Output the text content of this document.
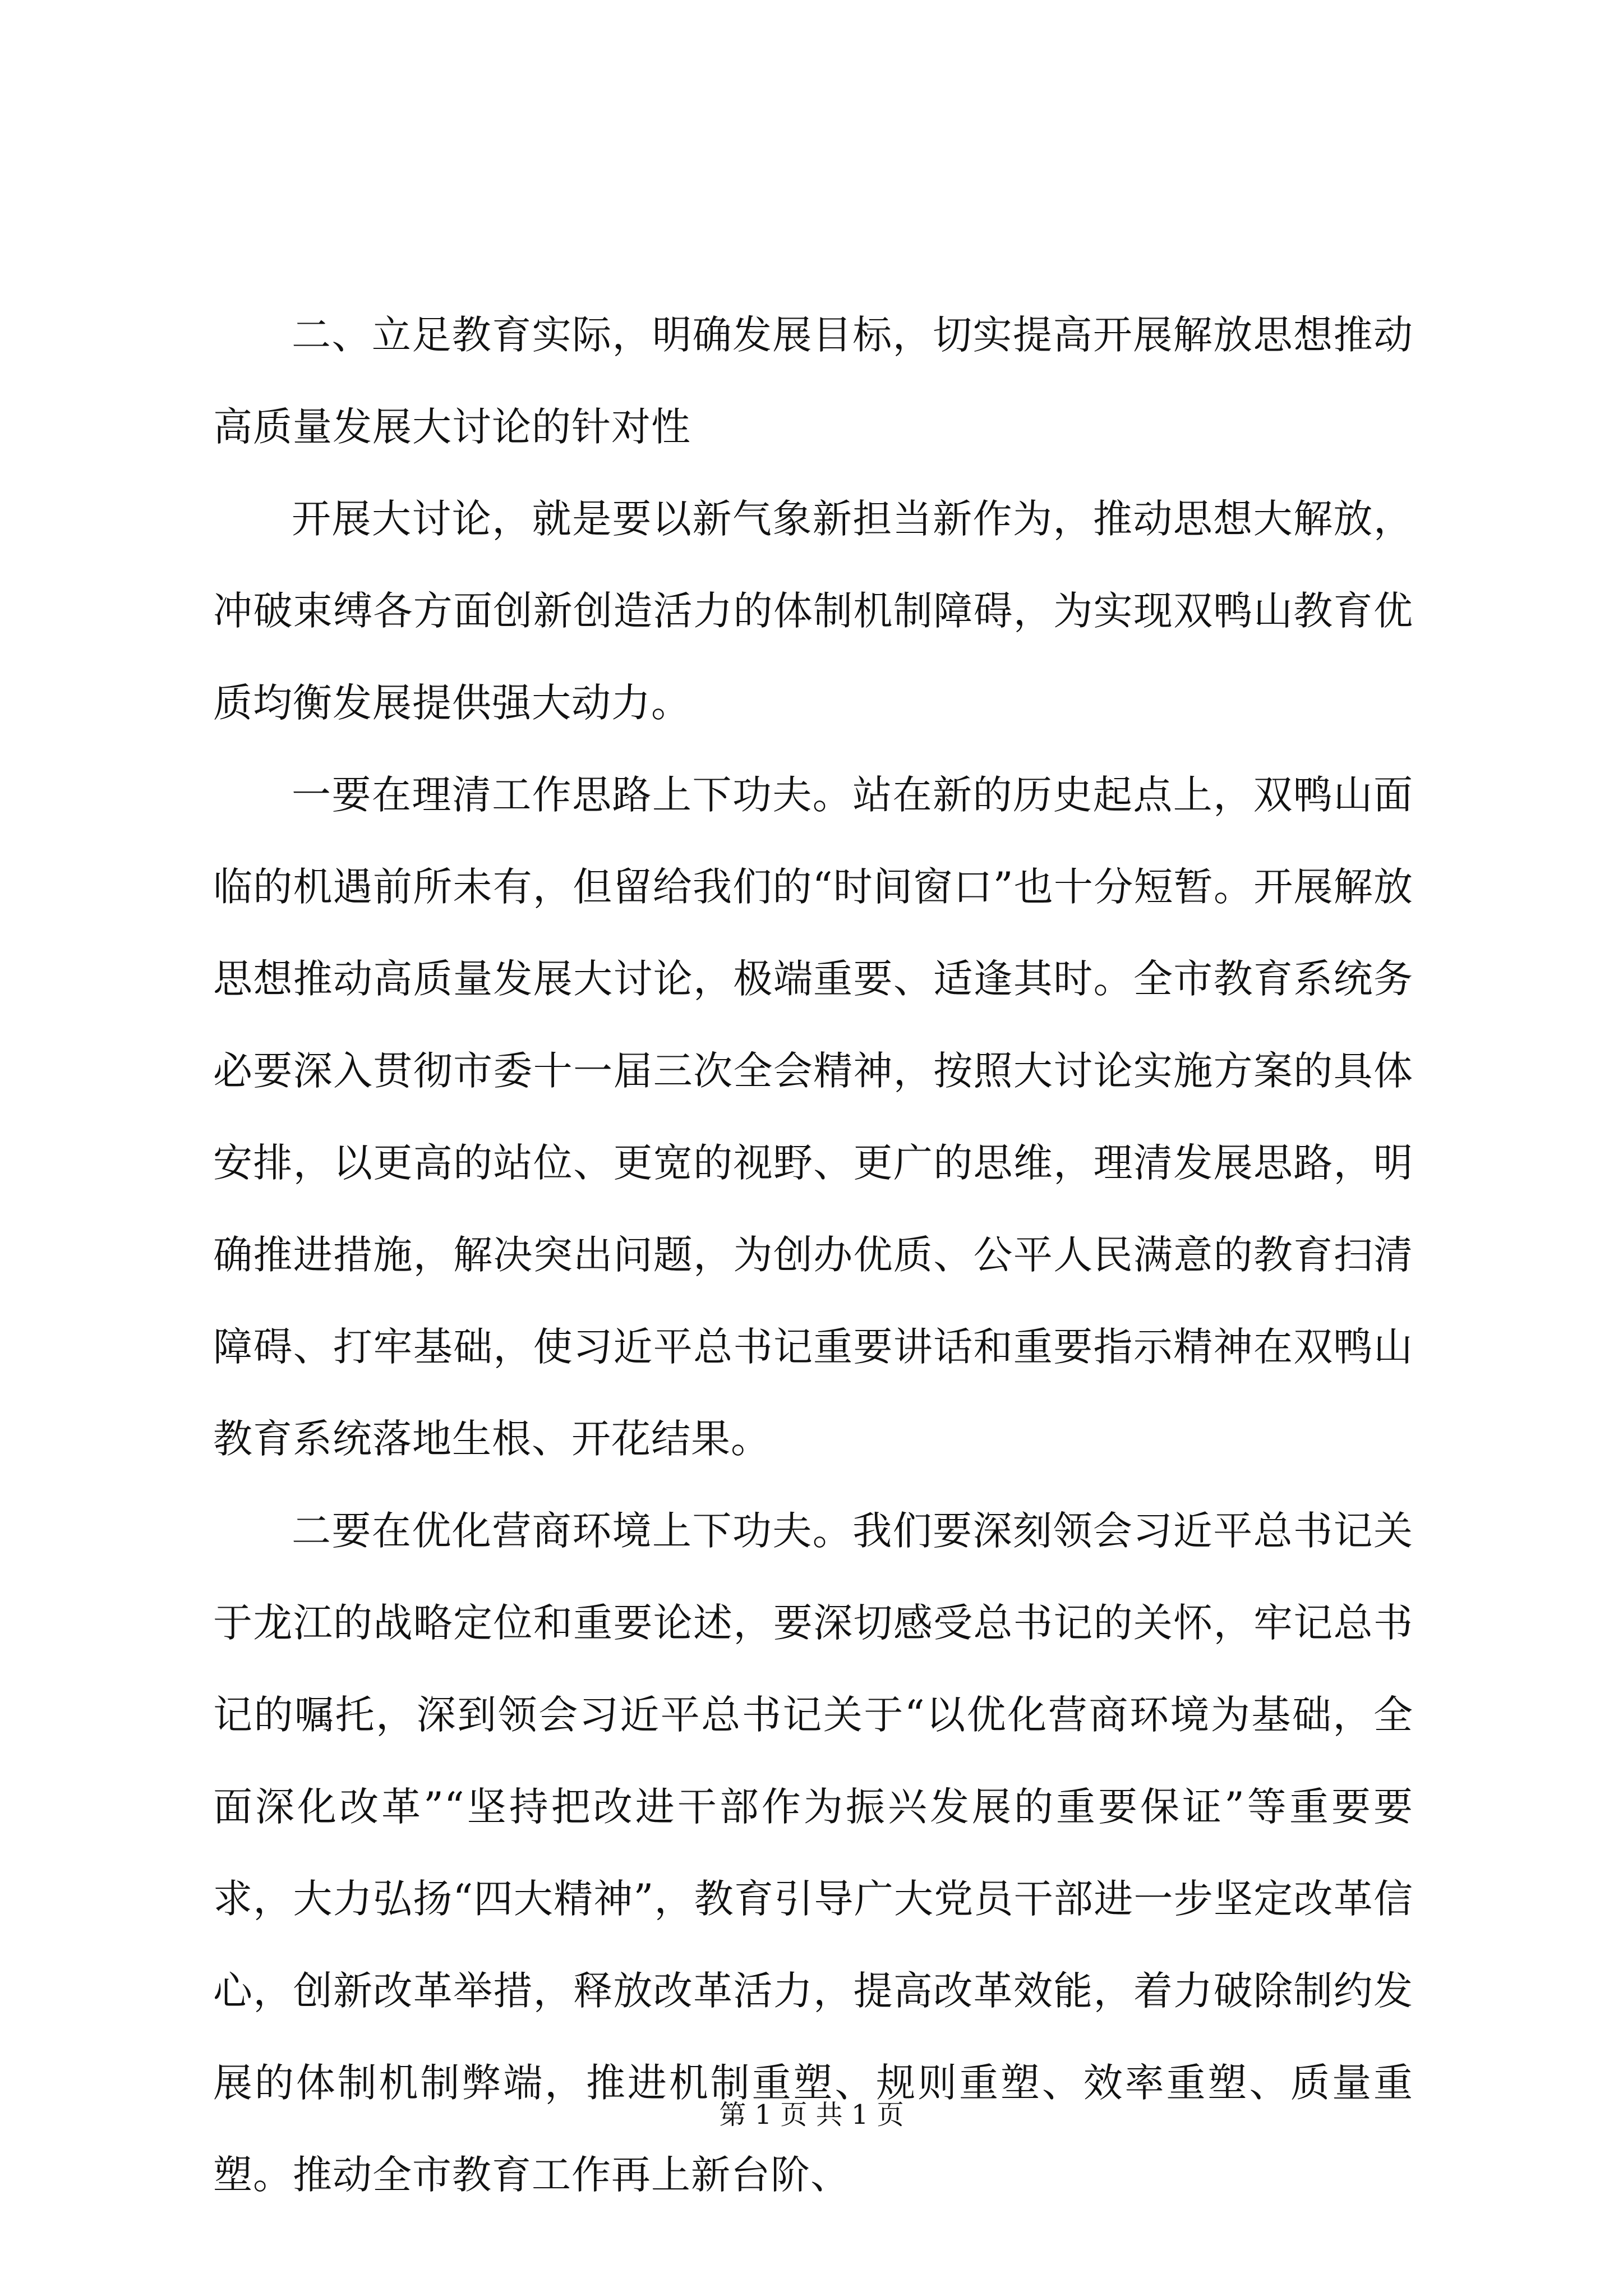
二、立足教育实际，明确发展目标，切实提高开展解放思想推动高质量发展大讨论的针对性

开展大讨论，就是要以新气象新担当新作为，推动思想大解放，冲破束缚各方面创新创造活力的体制机制障碍，为实现双鸭山教育优质均衡发展提供强大动力。

一要在理清工作思路上下功夫。站在新的历史起点上，双鸭山面临的机遇前所未有，但留给我们的“时间窗口”也十分短暂。开展解放思想推动高质量发展大讨论，极端重要、适逢其时。全市教育系统务必要深入贯彻市委十一届三次全会精神，按照大讨论实施方案的具体安排，以更高的站位、更宽的视野、更广的思维，理清发展思路，明确推进措施，解决突出问题，为创办优质、公平人民满意的教育扫清障碍、打牢基础，使习近平总书记重要讲话和重要指示精神在双鸭山教育系统落地生根、开花结果。

二要在优化营商环境上下功夫。我们要深刻领会习近平总书记关于龙江的战略定位和重要论述，要深切感受总书记的关怀，牢记总书记的嘱托，深到领会习近平总书记关于“以优化营商环境为基础，全面深化改革”“坚持把改进干部作为振兴发展的重要保证”等重要要求，大力弘扬“四大精神”，教育引导广大党员干部进一步坚定改革信心，创新改革举措，释放改革活力，提高改革效能，着力破除制约发展的体制机制弊端，推进机制重塑、规则重塑、效率重塑、质量重塑。推动全市教育工作再上新台阶、

第 1 页 共 1 页
